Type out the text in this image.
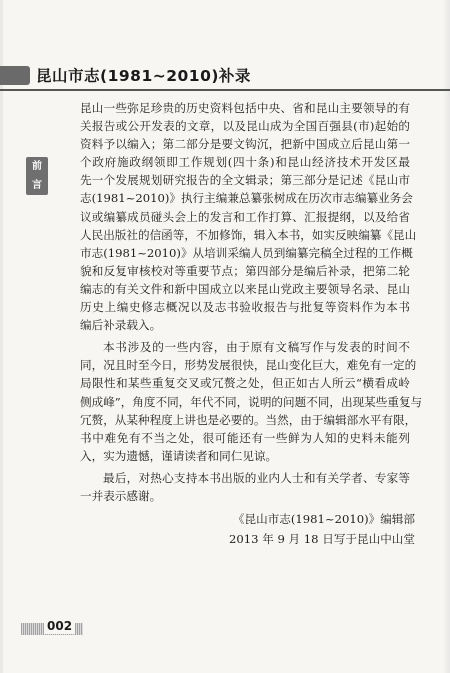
昆山市志(1981~2010)补录
前
言
昆山一些弥足珍贵的历史资料包括中央、省和昆山主要领导的有
关报告或公开发表的文章，以及昆山成为全国百强县(市)起始的
资料予以编入；第二部分是要文钩沉，把新中国成立后昆山第一
个政府施政纲领即工作规划(四十条)和昆山经济技术开发区最
先一个发展规划研究报告的全文辑录；第三部分是记述《昆山市
志(1981~2010)》执行主编兼总纂张树成在历次市志编纂业务会
议或编纂成员碰头会上的发言和工作打算、汇报提纲，以及给省
人民出版社的信函等，不加修饰，辑入本书，如实反映编纂《昆山
市志(1981~2010)》从培训采编人员到编纂完稿全过程的工作概
貌和反复审核校对等重要节点；第四部分是编后补录，把第二轮
编志的有关文件和新中国成立以来昆山党政主要领导名录、昆山
历史上编史修志概况以及志书验收报告与批复等资料作为本书
编后补录载入。
本书涉及的一些内容，由于原有文稿写作与发表的时间不
同，况且时至今日，形势发展很快，昆山变化巨大，难免有一定的
局限性和某些重复交叉或冗赘之处，但正如古人所云“横看成岭
侧成峰”，角度不同，年代不同，说明的问题不同，出现某些重复与
冗赘，从某种程度上讲也是必要的。当然，由于编辑部水平有限，
书中难免有不当之处，很可能还有一些鲜为人知的史料未能列
入，实为遗憾，谨请读者和同仁见谅。
最后，对热心支持本书出版的业内人士和有关学者、专家等
一并表示感谢。
《昆山市志(1981~2010)》编辑部
2013 年 9 月 18 日写于昆山中山堂
002
